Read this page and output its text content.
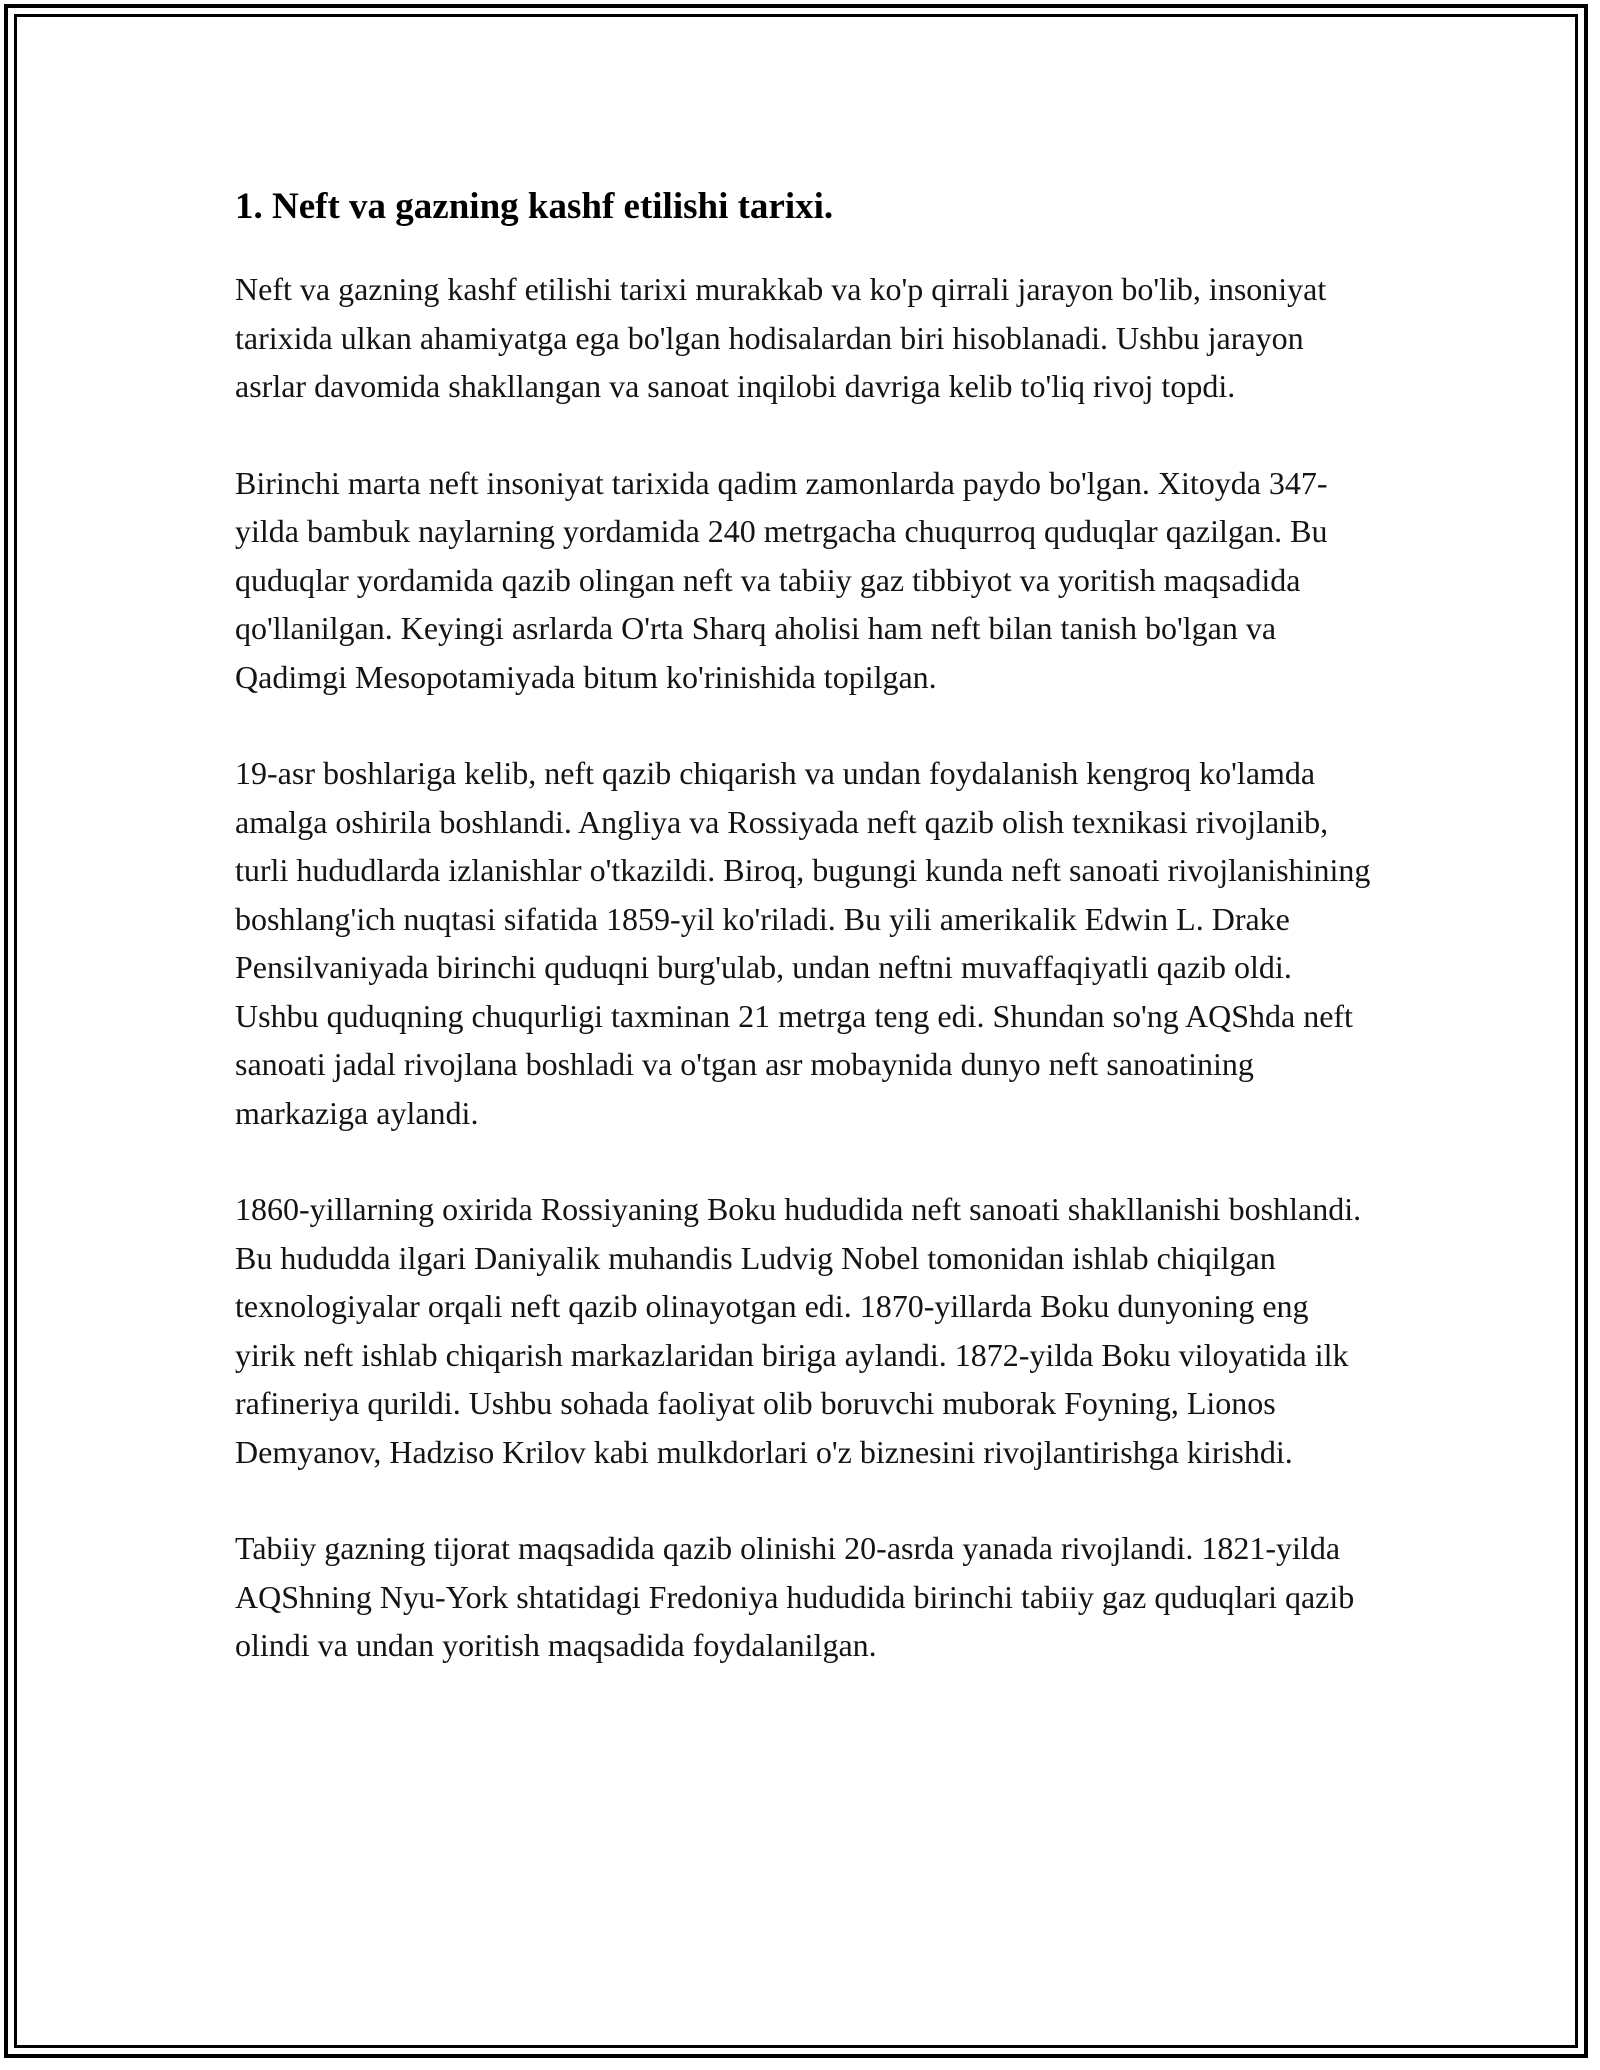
1. Neft va gazning kashf etilishi tarixi.

Neft va gazning kashf etilishi tarixi murakkab va ko'p qirrali jarayon bo'lib, insoniyat tarixida ulkan ahamiyatga ega bo'lgan hodisalardan biri hisoblanadi. Ushbu jarayon asrlar davomida shakllangan va sanoat inqilobi davriga kelib to'liq rivoj topdi.

Birinchi marta neft insoniyat tarixida qadim zamonlarda paydo bo'lgan. Xitoyda 347-yilda bambuk naylarning yordamida 240 metrgacha chuqurroq quduqlar qazilgan. Bu quduqlar yordamida qazib olingan neft va tabiiy gaz tibbiyot va yoritish maqsadida qo'llanilgan. Keyingi asrlarda O'rta Sharq aholisi ham neft bilan tanish bo'lgan va Qadimgi Mesopotamiyada bitum ko'rinishida topilgan.

19-asr boshlariga kelib, neft qazib chiqarish va undan foydalanish kengroq ko'lamda amalga oshirila boshlandi. Angliya va Rossiyada neft qazib olish texnikasi rivojlanib, turli hududlarda izlanishlar o'tkazildi. Biroq, bugungi kunda neft sanoati rivojlanishining boshlang'ich nuqtasi sifatida 1859-yil ko'riladi. Bu yili amerikalik Edwin L. Drake Pensilvaniyada birinchi quduqni burg'ulab, undan neftni muvaffaqiyatli qazib oldi. Ushbu quduqning chuqurligi taxminan 21 metrga teng edi. Shundan so'ng AQShda neft sanoati jadal rivojlana boshladi va o'tgan asr mobaynida dunyo neft sanoatining markaziga aylandi.

1860-yillarning oxirida Rossiyaning Boku hududida neft sanoati shakllanishi boshlandi. Bu hududda ilgari Daniyalik muhandis Ludvig Nobel tomonidan ishlab chiqilgan texnologiyalar orqali neft qazib olinayotgan edi. 1870-yillarda Boku dunyoning eng yirik neft ishlab chiqarish markazlaridan biriga aylandi. 1872-yilda Boku viloyatida ilk rafineriya qurildi. Ushbu sohada faoliyat olib boruvchi muborak Foyning, Lionos Demyanov, Hadziso Krilov kabi mulkdorlari o'z biznesini rivojlantirishga kirishdi.

Tabiiy gazning tijorat maqsadida qazib olinishi 20-asrda yanada rivojlandi. 1821-yilda AQShning Nyu-York shtatidagi Fredoniya hududida birinchi tabiiy gaz quduqlari qazib olindi va undan yoritish maqsadida foydalanilgan.
